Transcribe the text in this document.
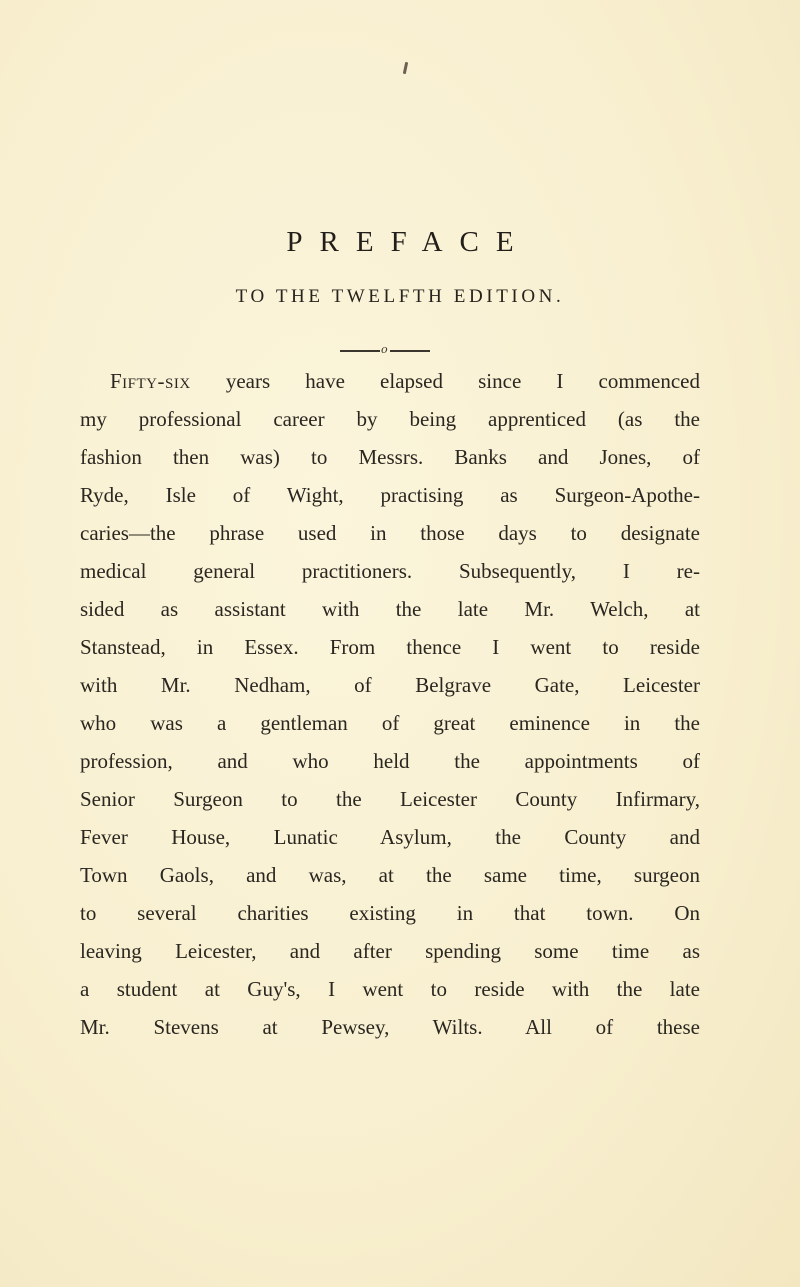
PREFACE
TO THE TWELFTH EDITION.
o
Fifty-six years have elapsed since I commenced
my professional career by being apprenticed (as the
fashion then was) to Messrs. Banks and Jones, of
Ryde, Isle of Wight, practising as Surgeon-Apothe-
caries—the phrase used in those days to designate
medical general practitioners. Subsequently, I re-
sided as assistant with the late Mr. Welch, at
Stanstead, in Essex. From thence I went to reside
with Mr. Nedham, of Belgrave Gate, Leicester
who was a gentleman of great eminence in the
profession, and who held the appointments of
Senior Surgeon to the Leicester County Infirmary,
Fever House, Lunatic Asylum, the County and
Town Gaols, and was, at the same time, surgeon
to several charities existing in that town. On
leaving Leicester, and after spending some time as
a student at Guy's, I went to reside with the late
Mr. Stevens at Pewsey, Wilts. All of these
